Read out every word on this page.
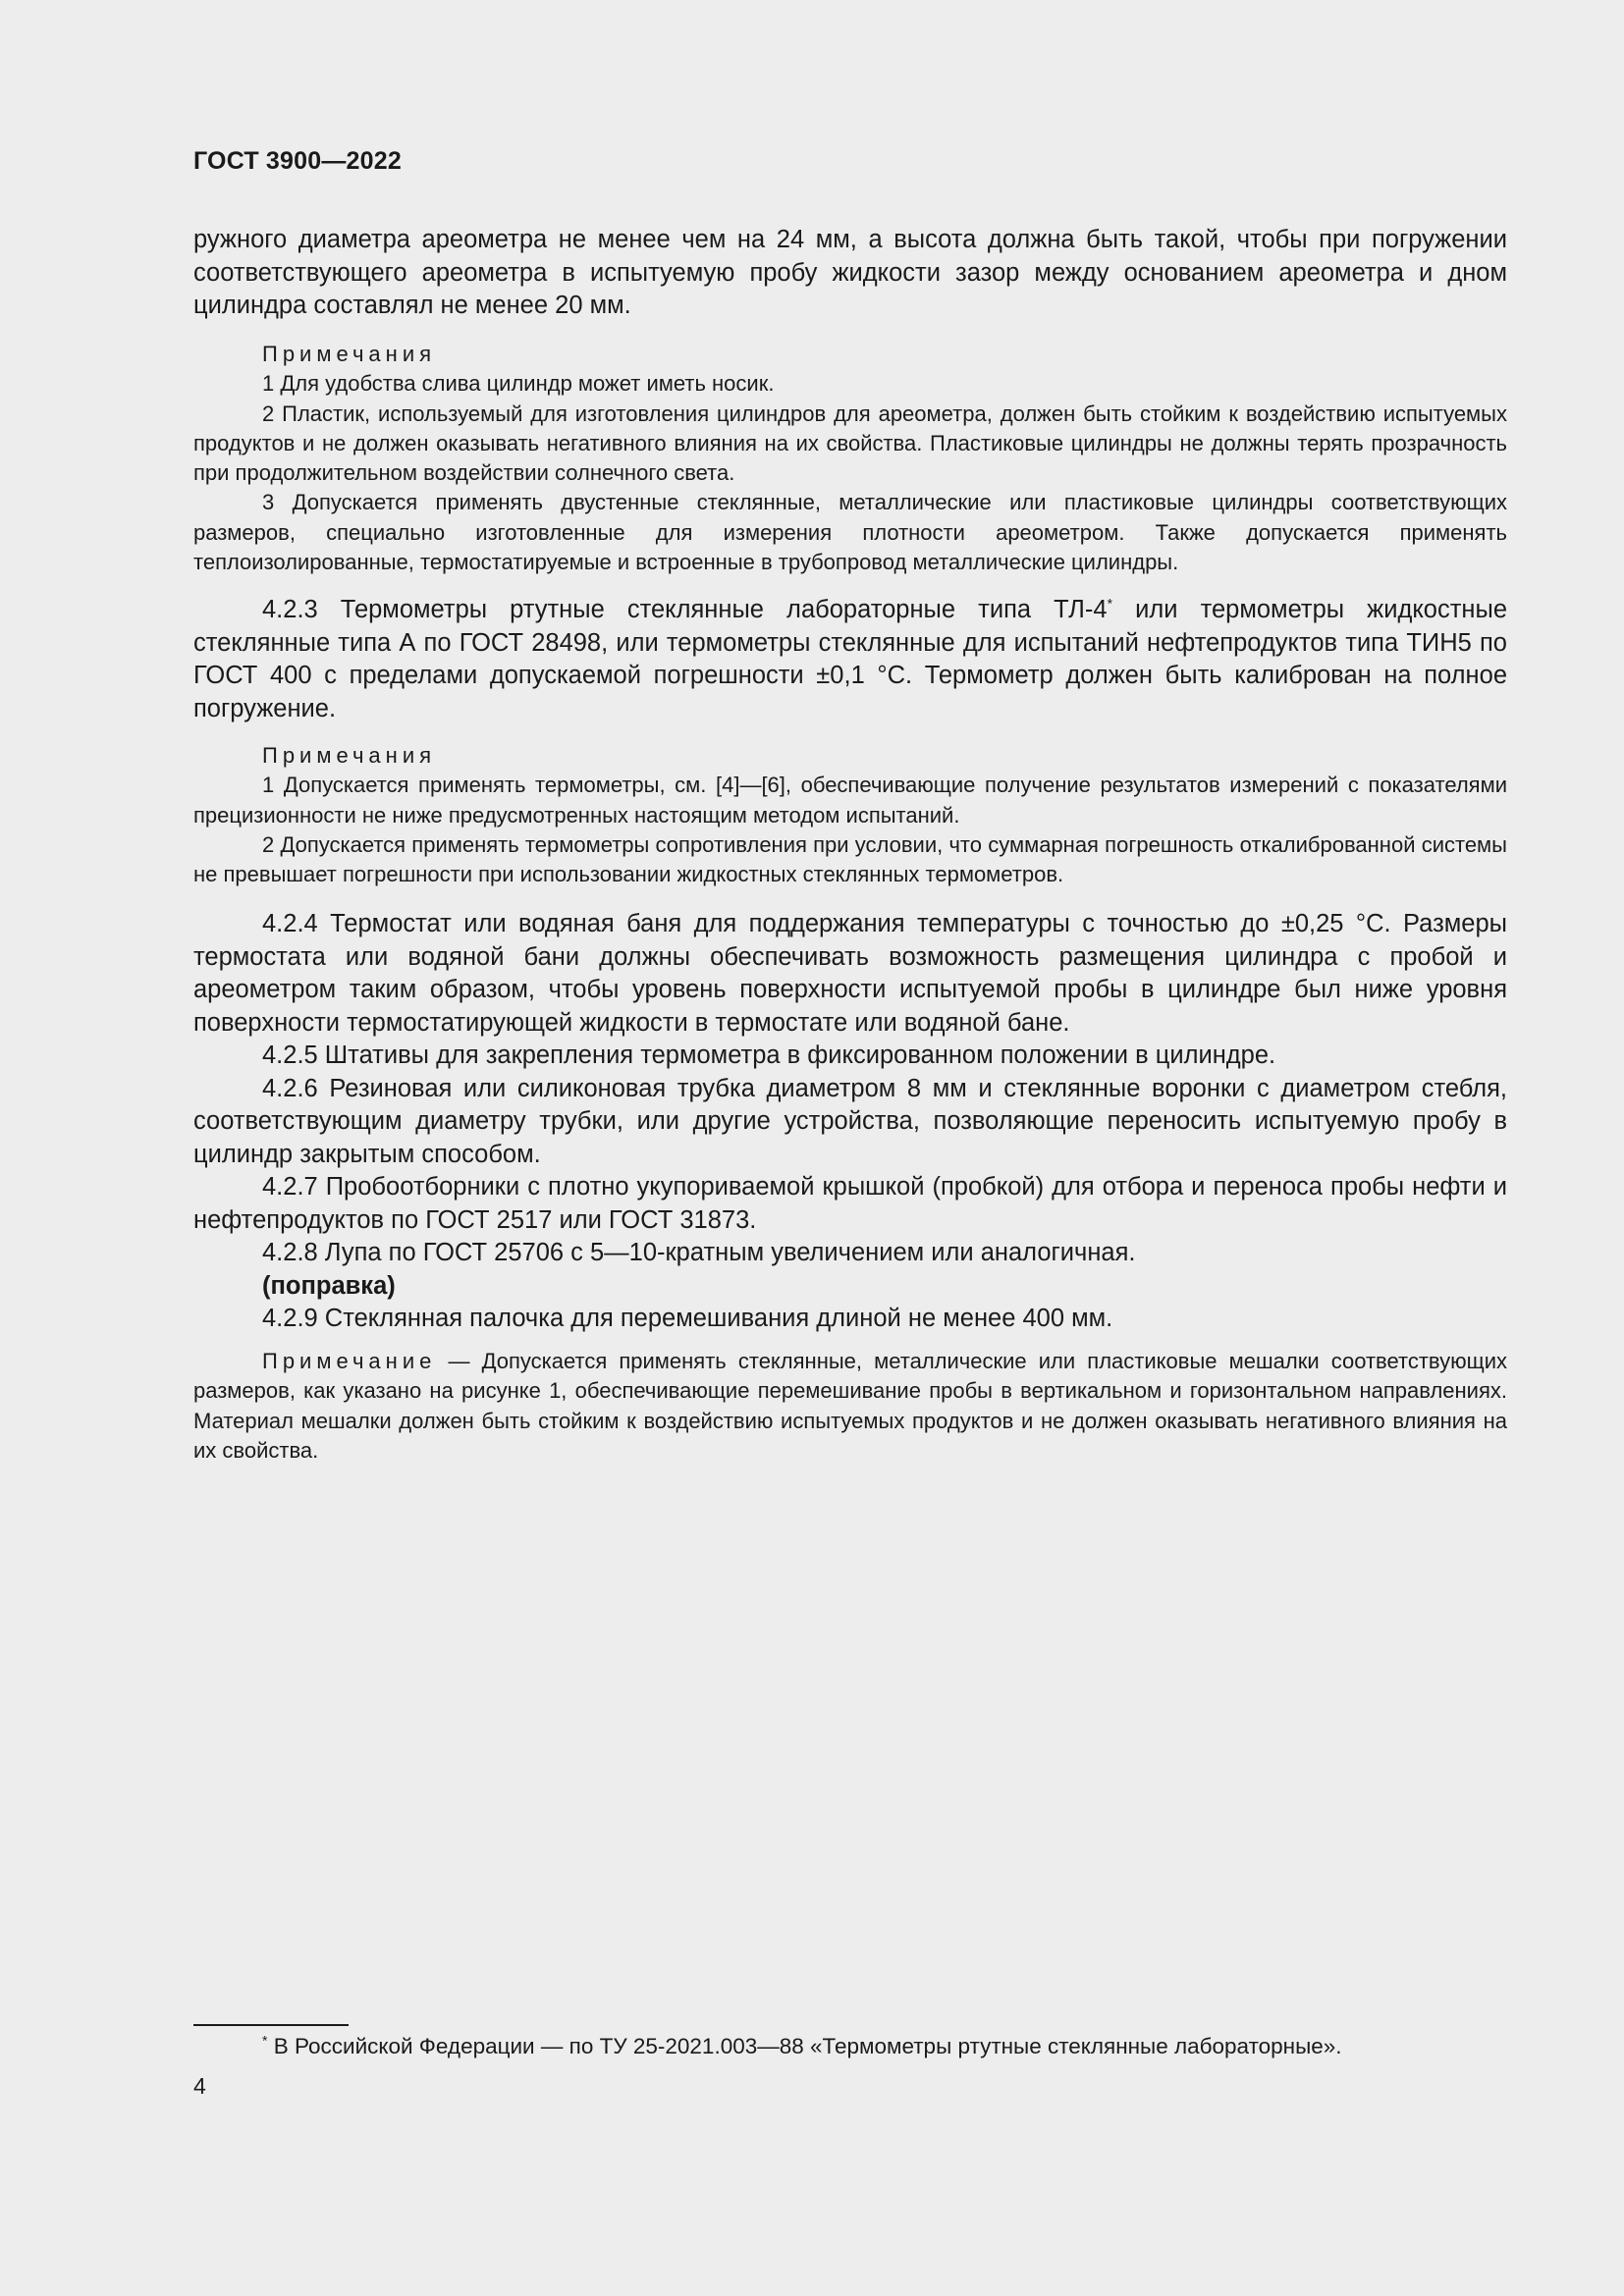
ГОСТ 3900—2022

ружного диаметра ареометра не менее чем на 24 мм, а высота должна быть такой, чтобы при погружении соответствующего ареометра в испытуемую пробу жидкости зазор между основанием ареометра и дном цилиндра составлял не менее 20 мм.

Примечания

1 Для удобства слива цилиндр может иметь носик.

2 Пластик, используемый для изготовления цилиндров для ареометра, должен быть стойким к воздействию испытуемых продуктов и не должен оказывать негативного влияния на их свойства. Пластиковые цилиндры не должны терять прозрачность при продолжительном воздействии солнечного света.

3 Допускается применять двустенные стеклянные, металлические или пластиковые цилиндры соответствующих размеров, специально изготовленные для измерения плотности ареометром. Также допускается применять теплоизолированные, термостатируемые и встроенные в трубопровод металлические цилиндры.

4.2.3 Термометры ртутные стеклянные лабораторные типа ТЛ-4* или термометры жидкостные стеклянные типа А по ГОСТ 28498, или термометры стеклянные для испытаний нефтепродуктов типа ТИН5 по ГОСТ 400 с пределами допускаемой погрешности ±0,1 °С. Термометр должен быть калиброван на полное погружение.

Примечания

1 Допускается применять термометры, см. [4]—[6], обеспечивающие получение результатов измерений с показателями прецизионности не ниже предусмотренных настоящим методом испытаний.

2 Допускается применять термометры сопротивления при условии, что суммарная погрешность откалиброванной системы не превышает погрешности при использовании жидкостных стеклянных термометров.

4.2.4 Термостат или водяная баня для поддержания температуры с точностью до ±0,25 °С. Размеры термостата или водяной бани должны обеспечивать возможность размещения цилиндра с пробой и ареометром таким образом, чтобы уровень поверхности испытуемой пробы в цилиндре был ниже уровня поверхности термостатирующей жидкости в термостате или водяной бане.

4.2.5 Штативы для закрепления термометра в фиксированном положении в цилиндре.

4.2.6 Резиновая или силиконовая трубка диаметром 8 мм и стеклянные воронки с диаметром стебля, соответствующим диаметру трубки, или другие устройства, позволяющие переносить испытуемую пробу в цилиндр закрытым способом.

4.2.7 Пробоотборники с плотно укупориваемой крышкой (пробкой) для отбора и переноса пробы нефти и нефтепродуктов по ГОСТ 2517 или ГОСТ 31873.

4.2.8 Лупа по ГОСТ 25706 с 5—10-кратным увеличением или аналогичная.

(поправка)

4.2.9 Стеклянная палочка для перемешивания длиной не менее 400 мм.

Примечание — Допускается применять стеклянные, металлические или пластиковые мешалки соответствующих размеров, как указано на рисунке 1, обеспечивающие перемешивание пробы в вертикальном и горизонтальном направлениях. Материал мешалки должен быть стойким к воздействию испытуемых продуктов и не должен оказывать негативного влияния на их свойства.

* В Российской Федерации — по ТУ 25-2021.003—88 «Термометры ртутные стеклянные лабораторные».
4
